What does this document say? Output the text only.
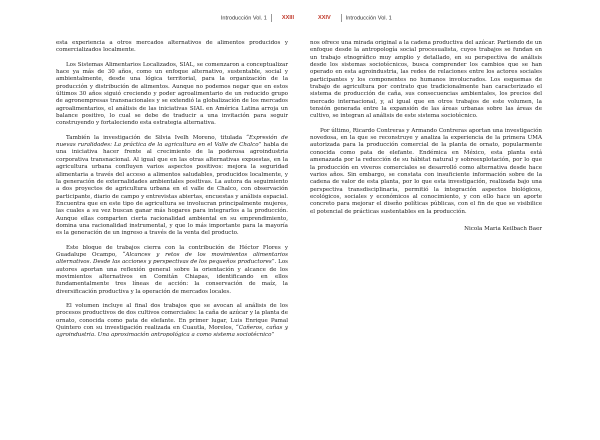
Introducción Vol. 1	XXIII

esta experiencia a otros mercados alternativos de alimentos producidos y comercializados localmente.

Los Sistemas Alimentarios Localizados, SIAL, se comenzaron a conceptualizar hace ya más de 30 años, como un enfoque alternativo, sustentable, social y ambientalmente, desde una lógica territorial, para la organización de la producción y distribución de alimentos. Aunque no podemos negar que en estos últimos 30 años siguió creciendo y poder agroalimentario de un reducido grupo de agronempresas transnacionales y se extendió la globalización de los mercados agroalimentarios, el análisis de las iniciativas SIAL en América Latina arroja un balance positivo, lo cual se debe de traducir a una invitación para seguir construyendo y fortaleciendo esta estrategia alternativa.

También la investigación de Silvia Ivelh Moreno, titulada “Expresión de nuevas ruralidades: La práctica de la agricultura en el Valle de Chalco” habla de una iniciativa hacer frente al crecimiento de la poderosa agroindustria corporativa transnacional. Al igual que en las otras alternativas expuestas, en la agricultura urbana confluyen varios aspectos positivos: mejora la seguridad alimentaria a través del acceso a alimentos saludables, producidos localmente, y la generación de externalidades ambientales positivas. La autora da seguimiento a dos proyectos de agricultura urbana en el valle de Chalco, con observación participante, diario de campo y entrevistas abiertas, encuestas y análisis espacial. Encuentra que en este tipo de agricultura se involucran principalmente mujeres, las cuales a su vez buscan ganar más hogares para integrarlos a la producción. Aunque ellas comparten cierta racionalidad ambiental en su emprendimiento, domina una racionalidad instrumental, y que lo más importante para la mayoría es la generación de un ingreso a través de la venta del producto.

Este bloque de trabajos cierra con la contribución de Héctor Flores y Guadalupe Ocampo, “Alcances y retos de los movimientos alimentarios alternativos. Desde las acciones y perspectivas de los pequeños productores”. Los autores aportan una reflexión general sobre la orientación y alcance de los movimientos alternativos en Comitán Chiapas, identificando en ellos fundamentalmente tres líneas de acción: la conservación de maíz, la diversificación productiva y la operación de mercados locales.

El volumen incluye al final dos trabajos que se avocan al análisis de los procesos productivos de dos cultivos comerciales: la caña de azúcar y la planta de ornato, conocida como pata de elefante. En primer lugar, Luis Enrique Pamal Quintero con su investigación realizada en Cuautla, Morelos, “Cañeros, cañas y agroindustria. Una aproximación antropológica a como sistema sociotécnico”

XXIV	Introducción Vol. 1

nos ofrece una mirada original a la cadena productiva del azúcar. Partiendo de un enfoque desde la antropología social procesualista, cuyos trabajos se fundan en un trabajo etnográfico muy amplio y detallado, en su perspectiva de análisis desde los sistemas sociotécnicos, busca comprender los cambios que se han operado en esta agroindustria, las redes de relaciones entre los actores sociales participantes y los componentes no humanos involucrados. Los esquemas de trabajo de agricultura por contrato que tradicionalmente han caracterizado el sistema de producción de caña, sus consecuencias ambientales, los precios del mercado internacional, y, al igual que en otros trabajos de este volumen, la tensión generada entre la expansión de las áreas urbanas sobre las áreas de cultivo, se integran al análisis de este sistema sociotécnico.

Por último, Ricardo Contreras y Armando Contreras aportan una investigación novedosa, en la que se reconstruye y analiza la experiencia de la primera UMA autorizada para la producción comercial de la planta de ornato, popularmente conocida como pata de elefante. Endémica en México, esta planta está amenazada por la reducción de su hábitat natural y sobreexplotación, por lo que la producción en viveros comerciales se desarrolló como alternativa desde hace varios años. Sin embargo, se constata con insuficiente información sobre de la cadena de valor de esta planta, por lo que esta investigación, realizada bajo una perspectiva transdisciplinaria, permitió la integración aspectos biológicos, ecológicos, sociales y económicos al conocimiento, y con ello hace un aporte concreto para mejorar el diseño políticas públicas, con el fin de que se visibilice el potencial de prácticas sustentables en la producción.

Nicola Maria Keilbach Baer
